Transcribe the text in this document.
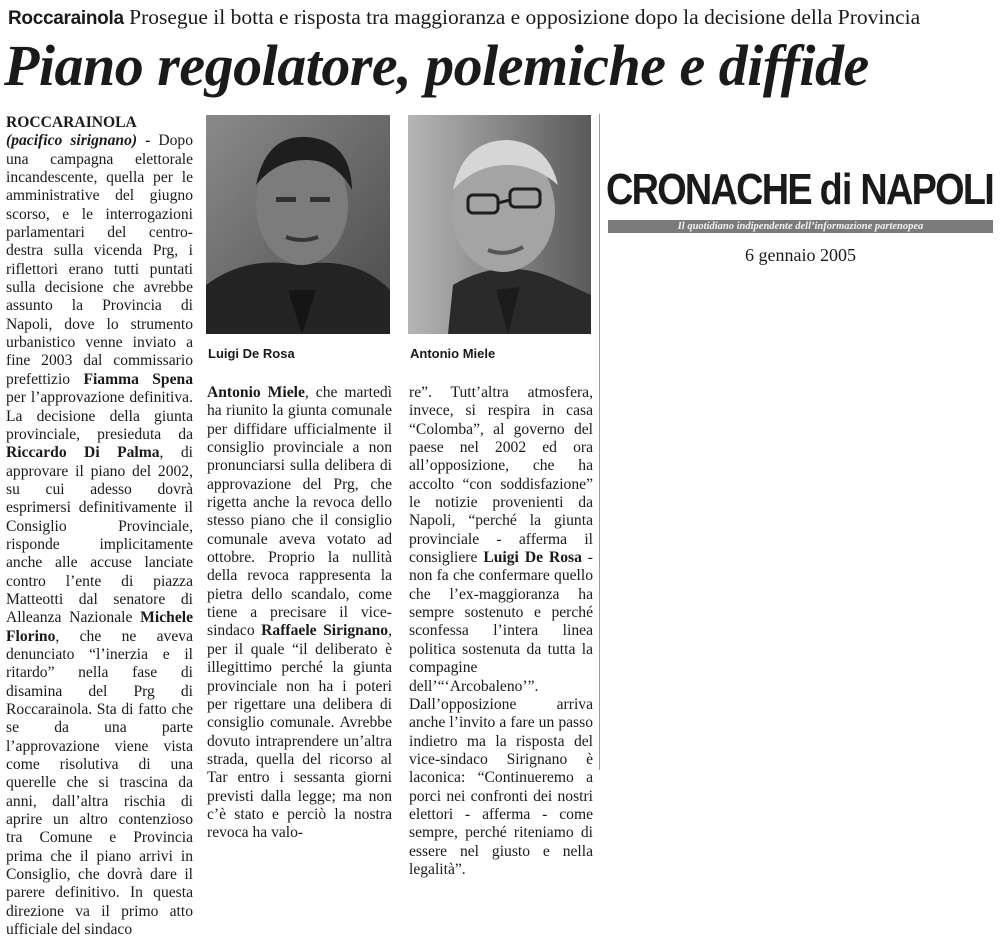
Roccarainola Prosegue il botta e risposta tra maggioranza e opposizione dopo la decisione della Provincia
Piano regolatore, polemiche e diffide

ROCCARAINOLA (pacifico sirignano) - Dopo una campagna elettorale incandescente, quella per le amministrative del giugno scorso, e le interrogazioni parlamentari del centro-destra sulla vicenda Prg, i riflettori erano tutti puntati sulla decisione che avrebbe assunto la Provincia di Napoli, dove lo strumento urbanistico venne inviato a fine 2003 dal commissario prefettizio Fiamma Spena per l’approvazione definitiva. La decisione della giunta provinciale, presieduta da Riccardo Di Palma, di approvare il piano del 2002, su cui adesso dovrà esprimersi definitivamente il Consiglio Provinciale, risponde implicitamente anche alle accuse lanciate contro l’ente di piazza Matteotti dal senatore di Alleanza Nazionale Michele Florino, che ne aveva denunciato “l’inerzia e il ritardo” nella fase di disamina del Prg di Roccarainola. Sta di fatto che se da una parte l’approvazione viene vista come risolutiva di una querelle che si trascina da anni, dall’altra rischia di aprire un altro contenzioso tra Comune e Provincia prima che il piano arrivi in Consiglio, che dovrà dare il parere definitivo. In questa direzione va il primo atto ufficiale del sindaco

Luigi De Rosa	Antonio Miele

Antonio Miele, che martedì ha riunito la giunta comunale per diffidare ufficialmente il consiglio provinciale a non pronunciarsi sulla delibera di approvazione del Prg, che rigetta anche la revoca dello stesso piano che il consiglio comunale aveva votato ad ottobre. Proprio la nullità della revoca rappresenta la pietra dello scandalo, come tiene a precisare il vice-sindaco Raffaele Sirignano, per il quale “il deliberato è illegittimo perché la giunta provinciale non ha i poteri per rigettare una delibera di consiglio comunale. Avrebbe dovuto intraprendere un’altra strada, quella del ricorso al Tar entro i sessanta giorni previsti dalla legge; ma non c’è stato e perciò la nostra revoca ha valo-

re”. Tutt’altra atmosfera, invece, si respira in casa “Colomba”, al governo del paese nel 2002 ed ora all’opposizione, che ha accolto “con soddisfazione” le notizie provenienti da Napoli, “perché la giunta provinciale - afferma il consigliere Luigi De Rosa - non fa che confermare quello che l’ex-maggioranza ha sempre sostenuto e perché sconfessa l’intera linea politica sostenuta da tutta la compagine dell’“‘Arcobaleno’”. Dall’opposizione arriva anche l’invito a fare un passo indietro ma la risposta del vice-sindaco Sirignano è laconica: “Continueremo a porci nei confronti dei nostri elettori - afferma - come sempre, perché riteniamo di essere nel giusto e nella legalità”.

CRONACHE di NAPOLI
Il quotidiano indipendente dell’informazione partenopea
6 gennaio 2005
